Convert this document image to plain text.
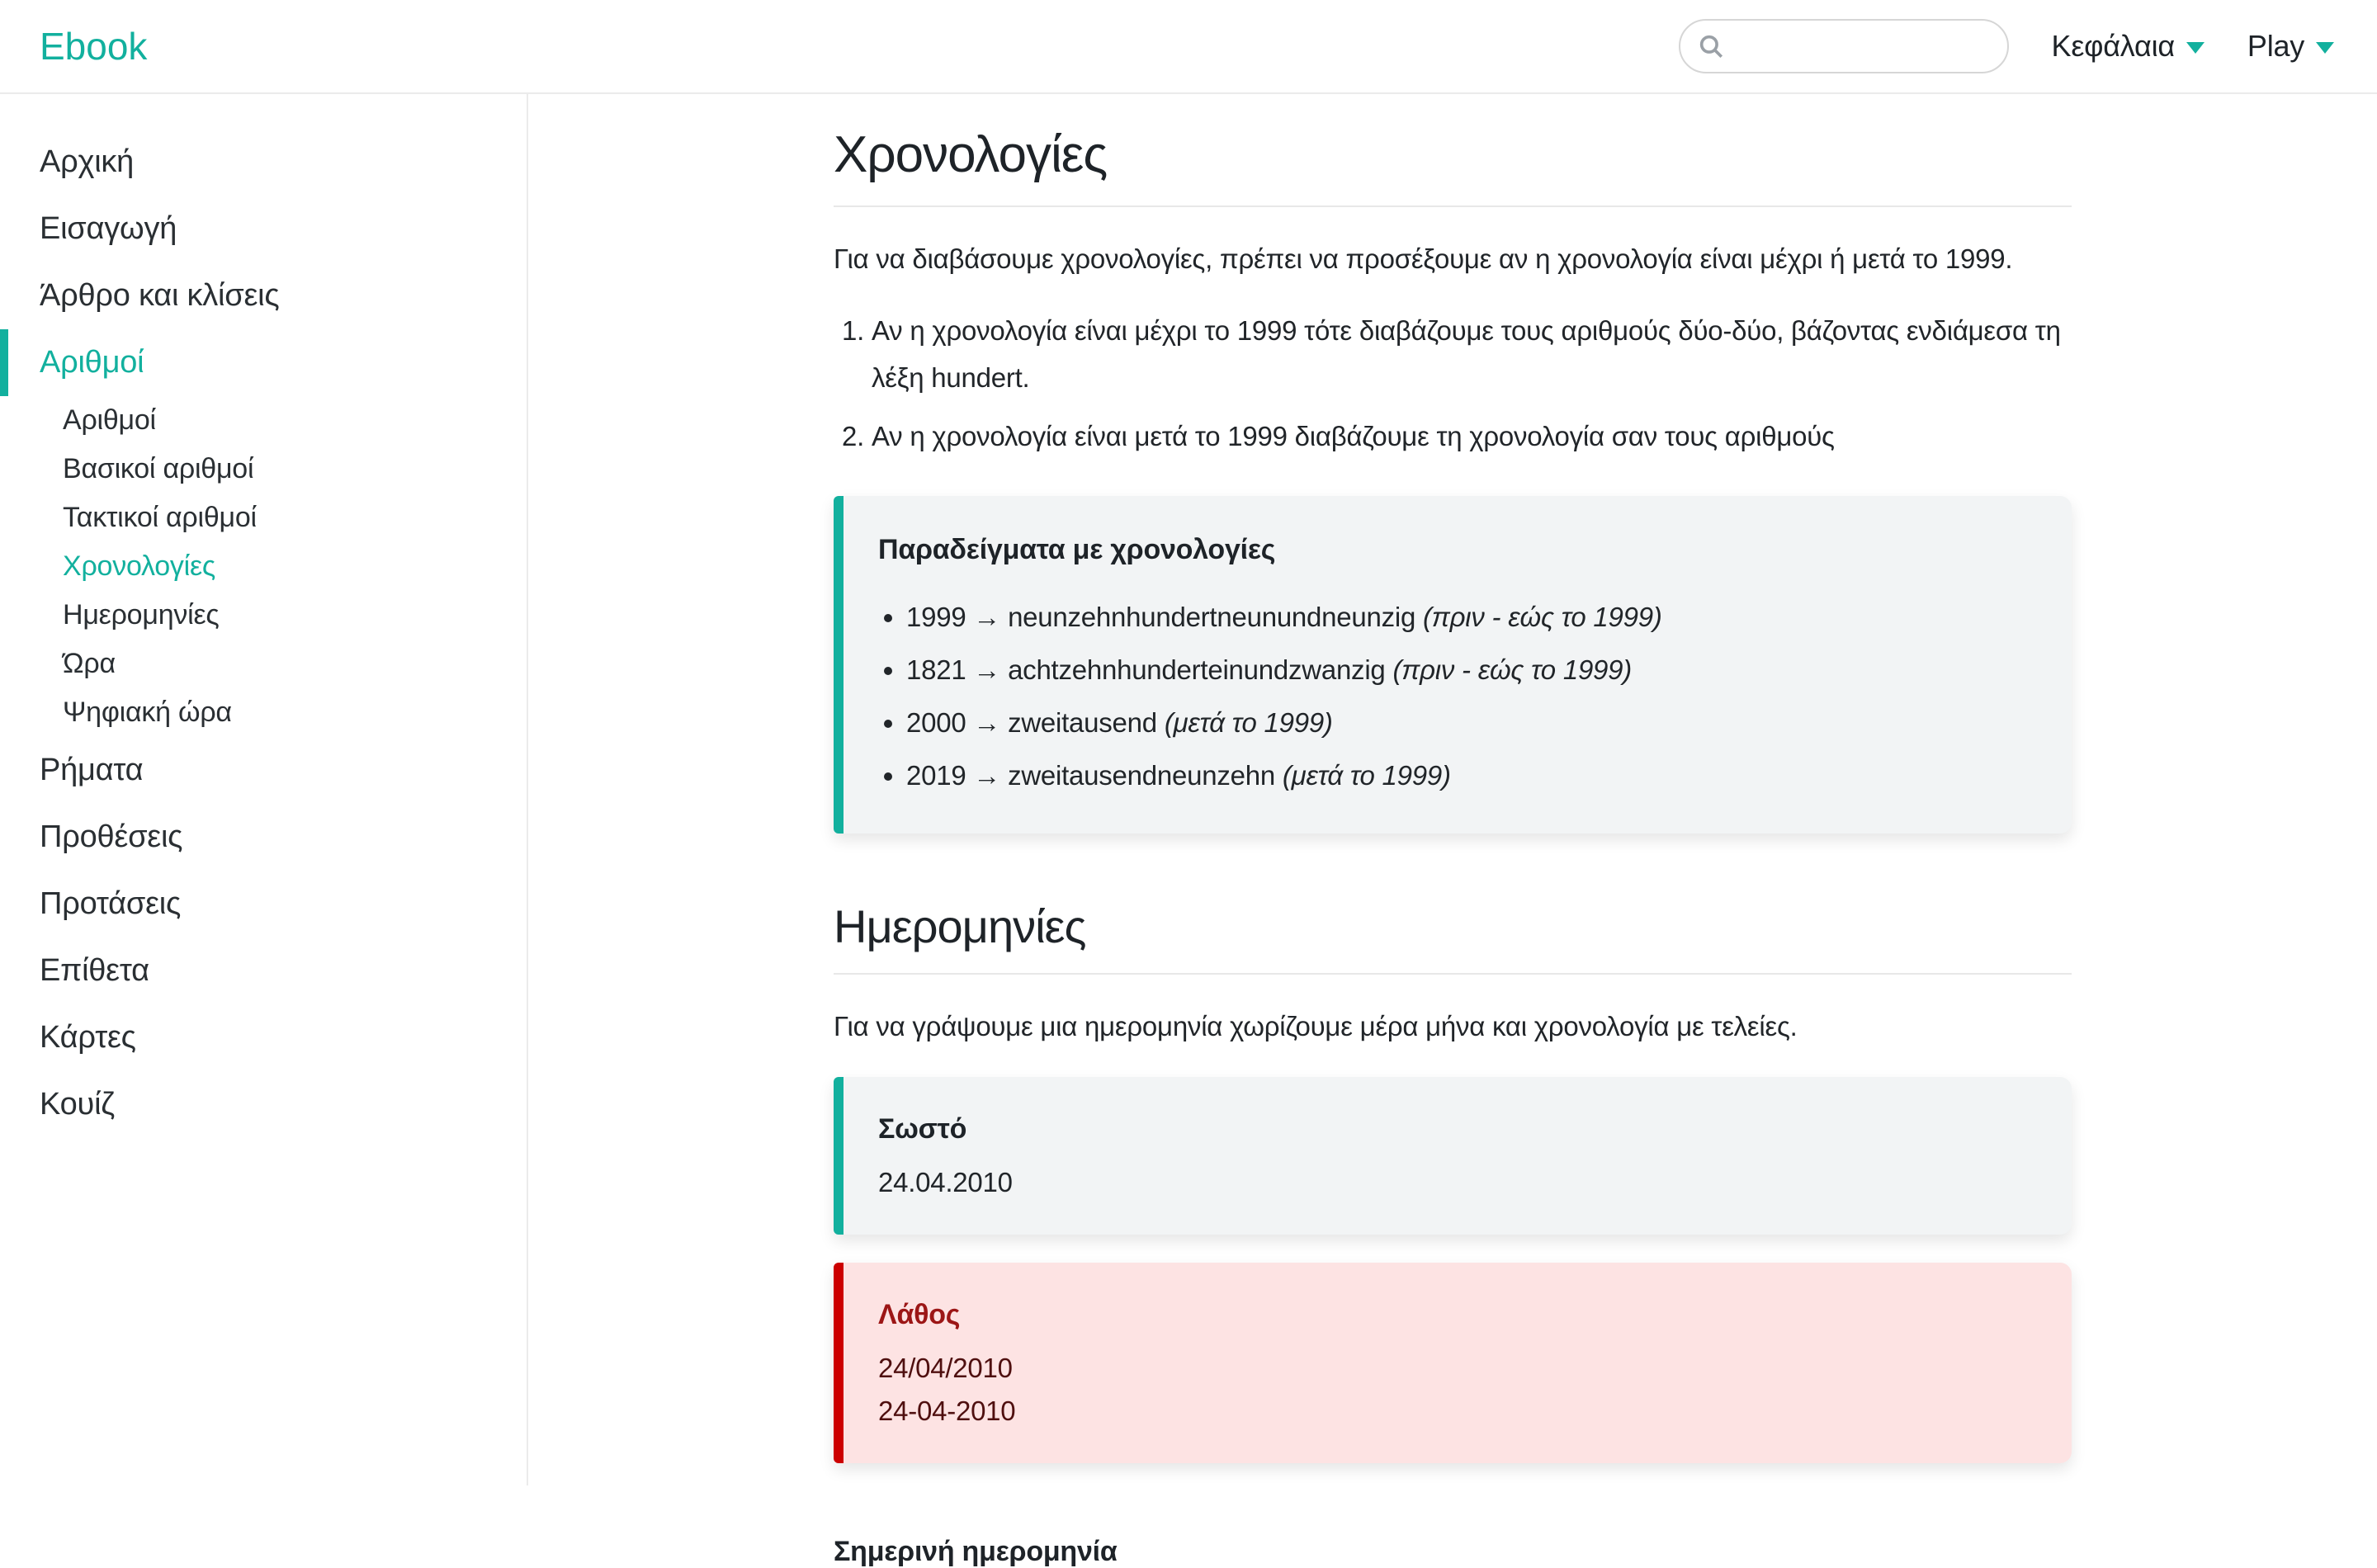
Ebook	Κεφάλαια Play
Αρχική
Εισαγωγή
Άρθρο και κλίσεις
Αριθμοί
Αριθμοί
Βασικοί αριθμοί
Τακτικοί αριθμοί
Χρονολογίες
Ημερομηνίες
Ώρα
Ψηφιακή ώρα
Ρήματα
Προθέσεις
Προτάσεις
Επίθετα
Κάρτες
Κουίζ
Χρονολογίες

Για να διαβάσουμε χρονολογίες, πρέπει να προσέξουμε αν η χρονολογία είναι μέχρι ή μετά το 1999.

1. Αν η χρονολογία είναι μέχρι το 1999 τότε διαβάζουμε τους αριθμούς δύο-δύο, βάζοντας ενδιάμεσα τη λέξη hundert.
2. Αν η χρονολογία είναι μετά το 1999 διαβάζουμε τη χρονολογία σαν τους αριθμούς
Παραδείγματα με χρονολογίες
• 1999 → neunzehnhundertneunundneunzig (πριν - εώς το 1999)
• 1821 → achtzehnhunderteinundzwanzig (πριν - εώς το 1999)
• 2000 → zweitausend (μετά το 1999)
• 2019 → zweitausendneunzehn (μετά το 1999)
Ημερομηνίες

Για να γράψουμε μια ημερομηνία χωρίζουμε μέρα μήνα και χρονολογία με τελείες.

Σωστό
24.04.2010
Λάθος
24/04/2010
24-04-2010
Σημερινή ημερομηνία
